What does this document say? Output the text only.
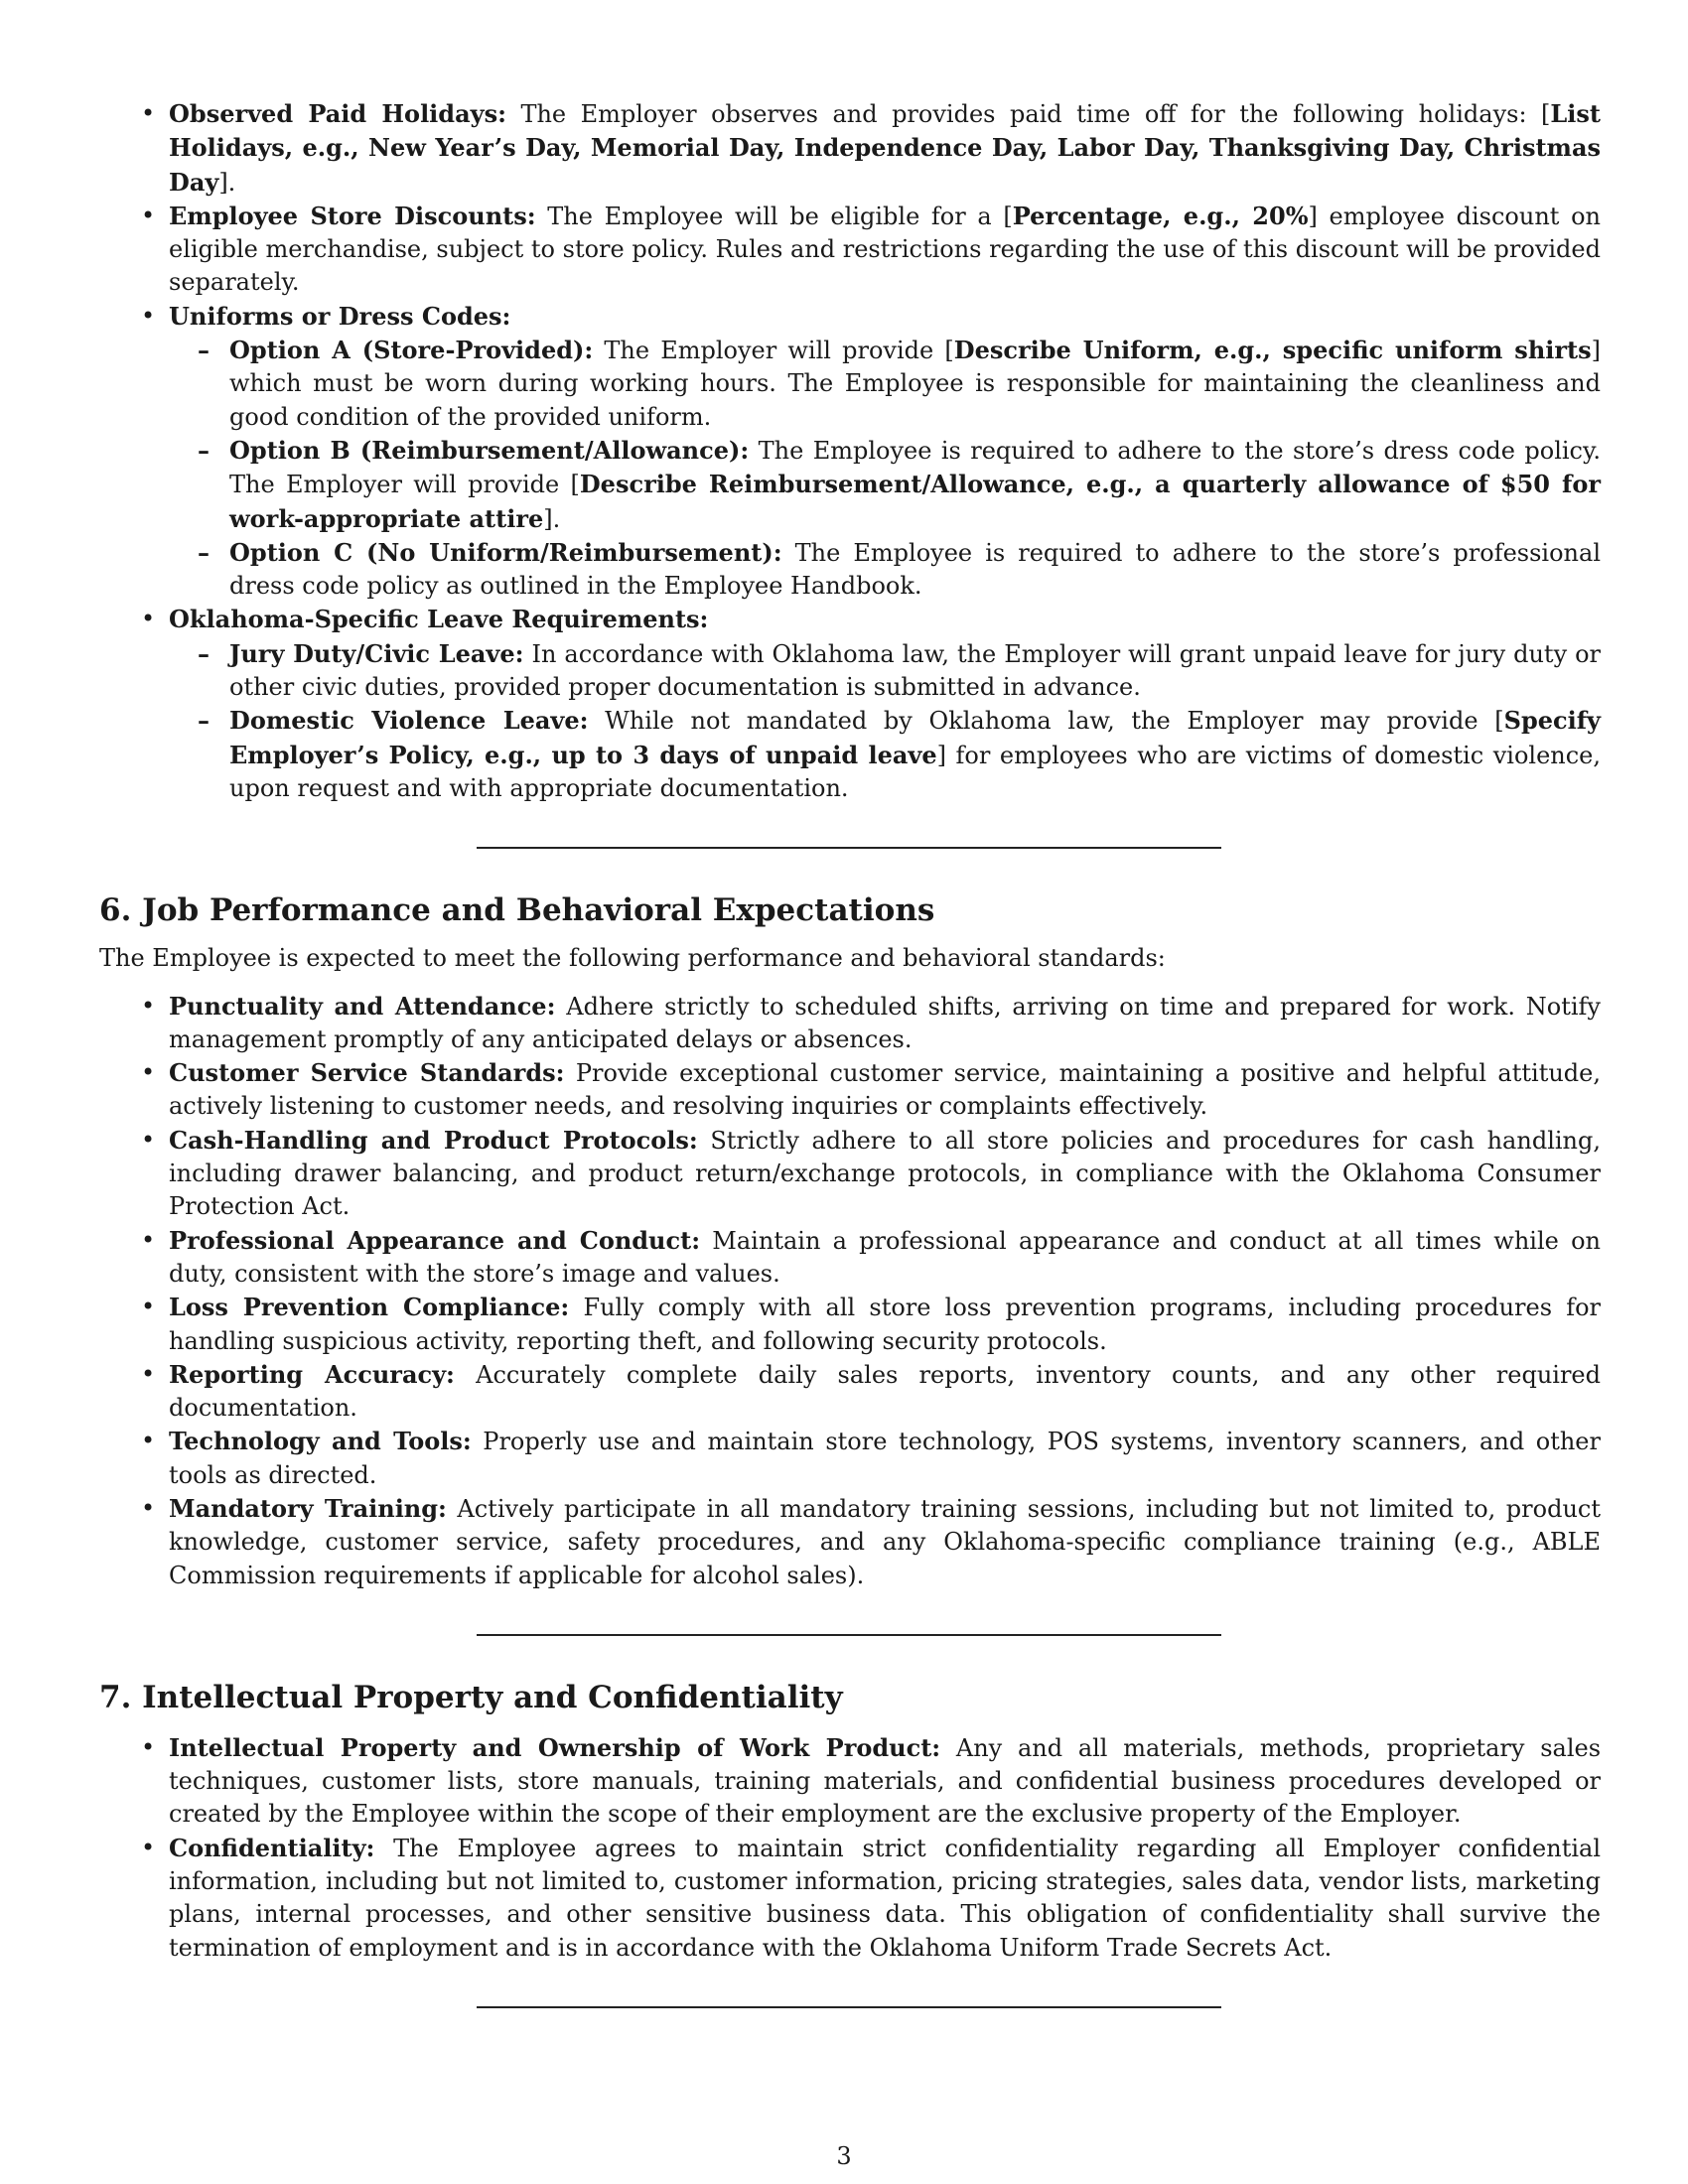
• Observed Paid Holidays: The Employer observes and provides paid time off for the following holidays: [List Holidays, e.g., New Year’s Day, Memorial Day, Independence Day, Labor Day, Thanksgiving Day, Christmas Day].
• Employee Store Discounts: The Employee will be eligible for a [Percentage, e.g., 20%] employee discount on eligible merchandise, subject to store policy. Rules and restrictions regarding the use of this discount will be provided separately.
• Uniforms or Dress Codes:
– Option A (Store-Provided): The Employer will provide [Describe Uniform, e.g., specific uniform shirts] which must be worn during working hours. The Employee is responsible for maintaining the cleanliness and good condition of the provided uniform.
– Option B (Reimbursement/Allowance): The Employee is required to adhere to the store’s dress code policy. The Employer will provide [Describe Reimbursement/Allowance, e.g., a quarterly allowance of $50 for work-appropriate attire].
– Option C (No Uniform/Reimbursement): The Employee is required to adhere to the store’s professional dress code policy as outlined in the Employee Handbook.
• Oklahoma-Specific Leave Requirements:
– Jury Duty/Civic Leave: In accordance with Oklahoma law, the Employer will grant unpaid leave for jury duty or other civic duties, provided proper documentation is submitted in advance.
– Domestic Violence Leave: While not mandated by Oklahoma law, the Employer may provide [Specify Employer’s Policy, e.g., up to 3 days of unpaid leave] for employees who are victims of domestic violence, upon request and with appropriate documentation.
6. Job Performance and Behavioral Expectations

The Employee is expected to meet the following performance and behavioral standards:

• Punctuality and Attendance: Adhere strictly to scheduled shifts, arriving on time and prepared for work. Notify management promptly of any anticipated delays or absences.
• Customer Service Standards: Provide exceptional customer service, maintaining a positive and helpful attitude, actively listening to customer needs, and resolving inquiries or complaints effectively.
• Cash-Handling and Product Protocols: Strictly adhere to all store policies and procedures for cash handling, including drawer balancing, and product return/exchange protocols, in compliance with the Oklahoma Consumer Protection Act.
• Professional Appearance and Conduct: Maintain a professional appearance and conduct at all times while on duty, consistent with the store’s image and values.
• Loss Prevention Compliance: Fully comply with all store loss prevention programs, including procedures for handling suspicious activity, reporting theft, and following security protocols.
• Reporting Accuracy: Accurately complete daily sales reports, inventory counts, and any other required documentation.
• Technology and Tools: Properly use and maintain store technology, POS systems, inventory scanners, and other tools as directed.
• Mandatory Training: Actively participate in all mandatory training sessions, including but not limited to, product knowledge, customer service, safety procedures, and any Oklahoma-specific compliance training (e.g., ABLE Commission requirements if applicable for alcohol sales).
7. Intellectual Property and Confidentiality
• Intellectual Property and Ownership of Work Product: Any and all materials, methods, proprietary sales techniques, customer lists, store manuals, training materials, and confidential business procedures developed or created by the Employee within the scope of their employment are the exclusive property of the Employer.
• Confidentiality: The Employee agrees to maintain strict confidentiality regarding all Employer confidential information, including but not limited to, customer information, pricing strategies, sales data, vendor lists, marketing plans, internal processes, and other sensitive business data. This obligation of confidentiality shall survive the termination of employment and is in accordance with the Oklahoma Uniform Trade Secrets Act.
3
